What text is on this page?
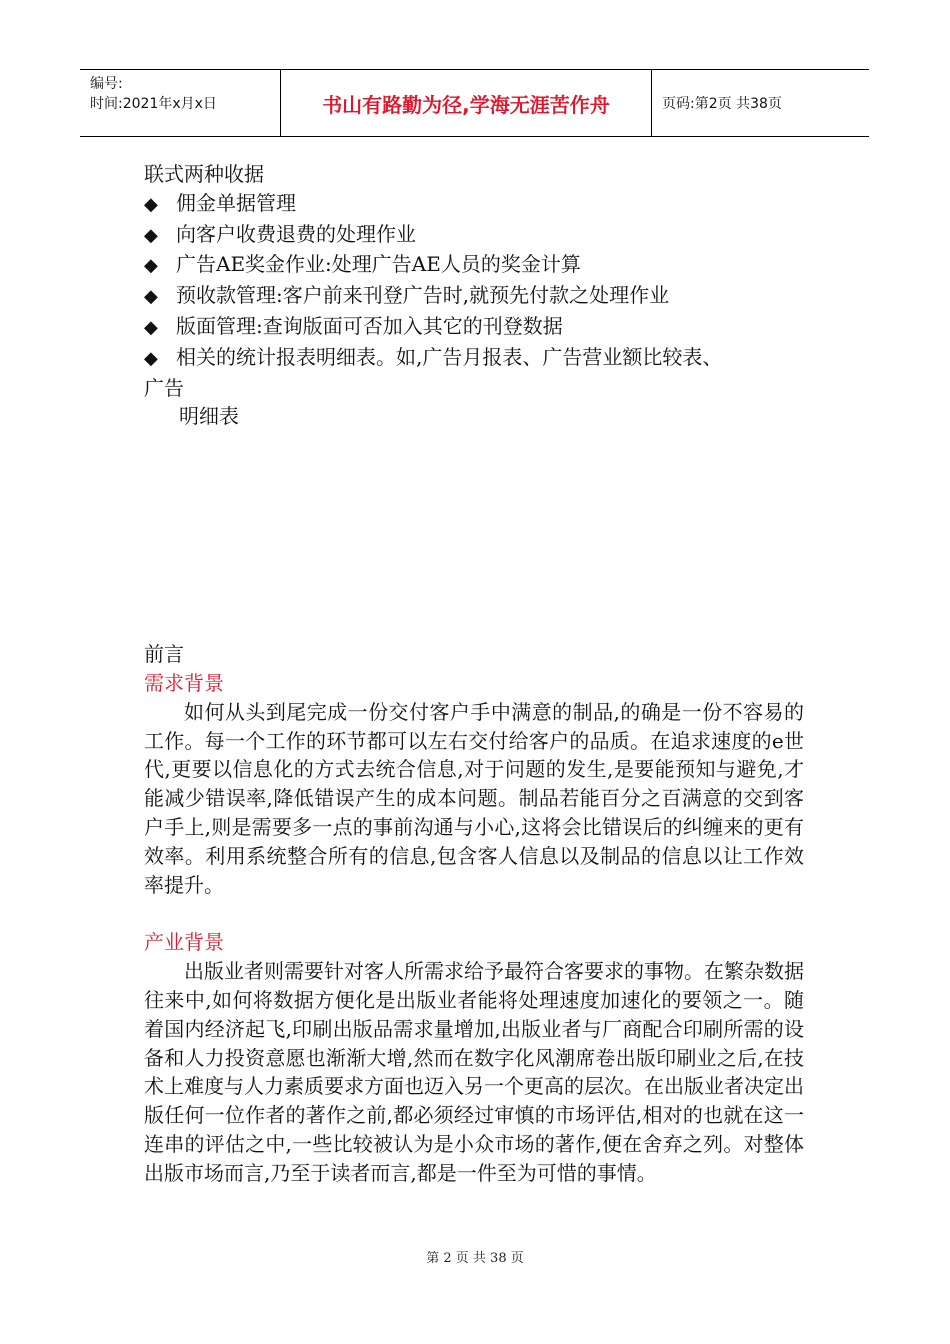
编号:
时间:2021年x月x日	书山有路勤为径,学海无涯苦作舟	页码:第2页 共38页
联式两种收据
◆ 佣金单据管理
◆ 向客户收费退费的处理作业
◆ 广告AE奖金作业:处理广告AE人员的奖金计算
◆ 预收款管理:客户前来刊登广告时,就预先付款之处理作业
◆ 版面管理:查询版面可否加入其它的刊登数据
◆ 相关的统计报表明细表。如,广告月报表、广告营业额比较表、
广告
明细表
前言
需求背景
如何从头到尾完成一份交付客户手中满意的制品,的确是一份不容易的工作。每一个工作的环节都可以左右交付给客户的品质。在追求速度的e世代,更要以信息化的方式去统合信息,对于问题的发生,是要能预知与避免,才能减少错误率,降低错误产生的成本问题。制品若能百分之百满意的交到客户手上,则是需要多一点的事前沟通与小心,这将会比错误后的纠缠来的更有效率。利用系统整合所有的信息,包含客人信息以及制品的信息以让工作效率提升。
产业背景
出版业者则需要针对客人所需求给予最符合客要求的事物。在繁杂数据往来中,如何将数据方便化是出版业者能将处理速度加速化的要领之一。随着国内经济起飞,印刷出版品需求量增加,出版业者与厂商配合印刷所需的设备和人力投资意愿也渐渐大增,然而在数字化风潮席卷出版印刷业之后,在技术上难度与人力素质要求方面也迈入另一个更高的层次。在出版业者决定出版任何一位作者的著作之前,都必须经过审慎的市场评估,相对的也就在这一连串的评估之中,一些比较被认为是小众市场的著作,便在舍弃之列。对整体出版市场而言,乃至于读者而言,都是一件至为可惜的事情。
第 2 页 共 38 页
